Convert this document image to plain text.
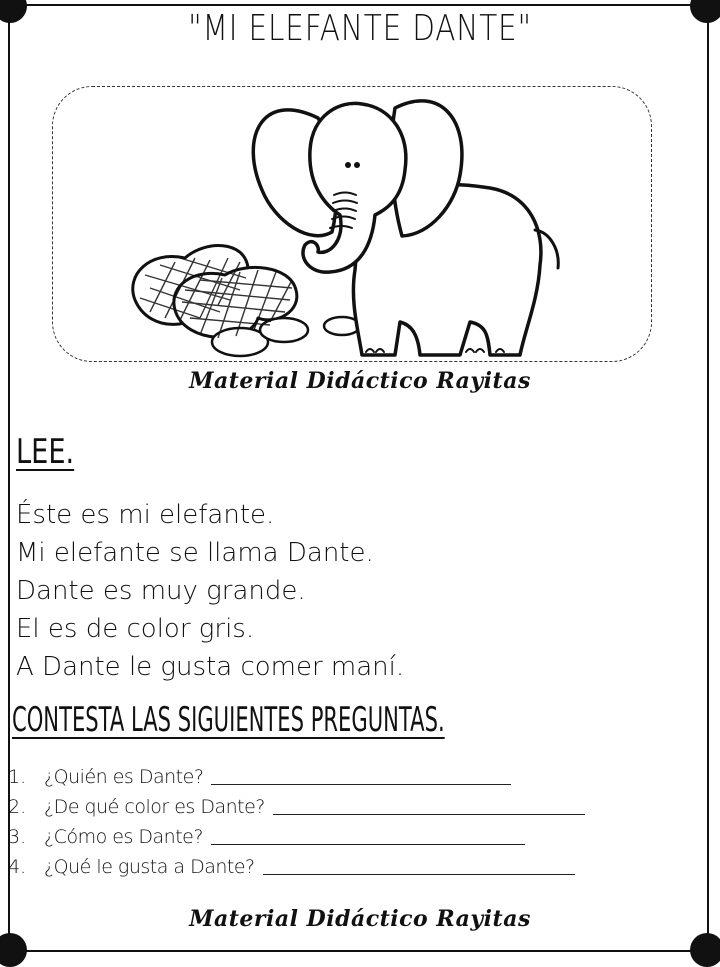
"MI ELEFANTE DANTE"
Material Didáctico Rayitas
LEE.
Éste es mi elefante.
Mi elefante se llama Dante.
Dante es muy grande.
El es de color gris.
A Dante le gusta comer maní.
CONTESTA LAS SIGUIENTES PREGUNTAS.
1. ¿Quién es Dante?
2. ¿De qué color es Dante?
3. ¿Cómo es Dante?
4. ¿Qué le gusta a Dante?
Material Didáctico Rayitas
